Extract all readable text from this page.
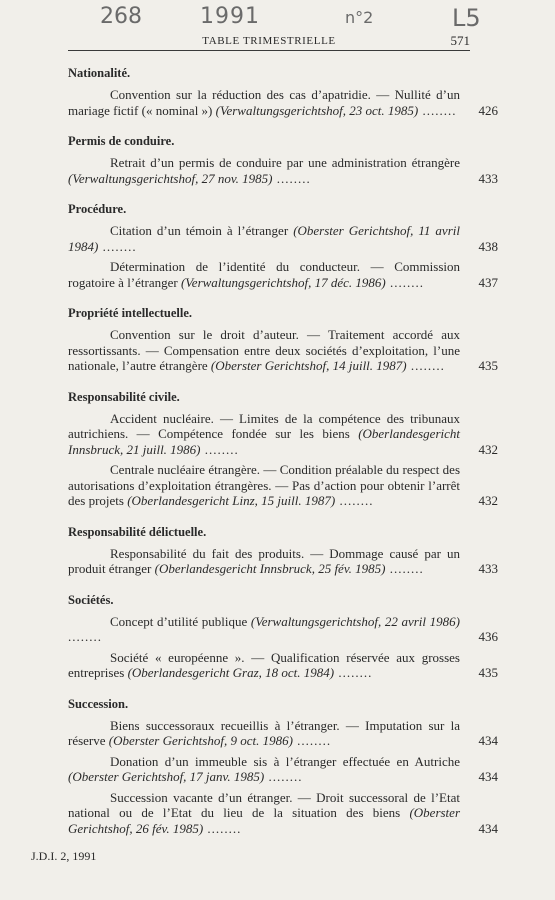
268	1991	n°2	L5
TABLE TRIMESTRIELLE	571
Nationalité.
Convention sur la réduction des cas d’apatridie. — Nullité d’un mariage fictif (« nominal ») (Verwaltungsgerichtshof, 23 oct. 1985) ........	426
Permis de conduire.
Retrait d’un permis de conduire par une administration étrangère (Verwaltungsgerichtshof, 27 nov. 1985) ........	433
Procédure.
Citation d’un témoin à l’étranger (Oberster Gerichtshof, 11 avril 1984) ........	438
Détermination de l’identité du conducteur. — Commission rogatoire à l’étranger (Verwaltungsgerichtshof, 17 déc. 1986) ........	437
Propriété intellectuelle.
Convention sur le droit d’auteur. — Traitement accordé aux ressortissants. — Compensation entre deux sociétés d’exploitation, l’une nationale, l’autre étrangère (Oberster Gerichtshof, 14 juill. 1987) ........	435
Responsabilité civile.
Accident nucléaire. — Limites de la compétence des tribunaux autrichiens. — Compétence fondée sur les biens (Oberlandesgericht Innsbruck, 21 juill. 1986) ........	432
Centrale nucléaire étrangère. — Condition préalable du respect des autorisations d’exploitation étrangères. — Pas d’action pour obtenir l’arrêt des projets (Oberlandesgericht Linz, 15 juill. 1987) ........	432
Responsabilité délictuelle.
Responsabilité du fait des produits. — Dommage causé par un produit étranger (Oberlandesgericht Innsbruck, 25 fév. 1985) ........	433
Sociétés.
Concept d’utilité publique (Verwaltungsgerichtshof, 22 avril 1986) ........	436
Société « européenne ». — Qualification réservée aux grosses entreprises (Oberlandesgericht Graz, 18 oct. 1984) ........	435
Succession.
Biens successoraux recueillis à l’étranger. — Imputation sur la réserve (Oberster Gerichtshof, 9 oct. 1986) ........	434
Donation d’un immeuble sis à l’étranger effectuée en Autriche (Oberster Gerichtshof, 17 janv. 1985) ........	434
Succession vacante d’un étranger. — Droit successoral de l’Etat national ou de l’Etat du lieu de la situation des biens (Oberster Gerichtshof, 26 fév. 1985) ........	434
J.D.I. 2, 1991
